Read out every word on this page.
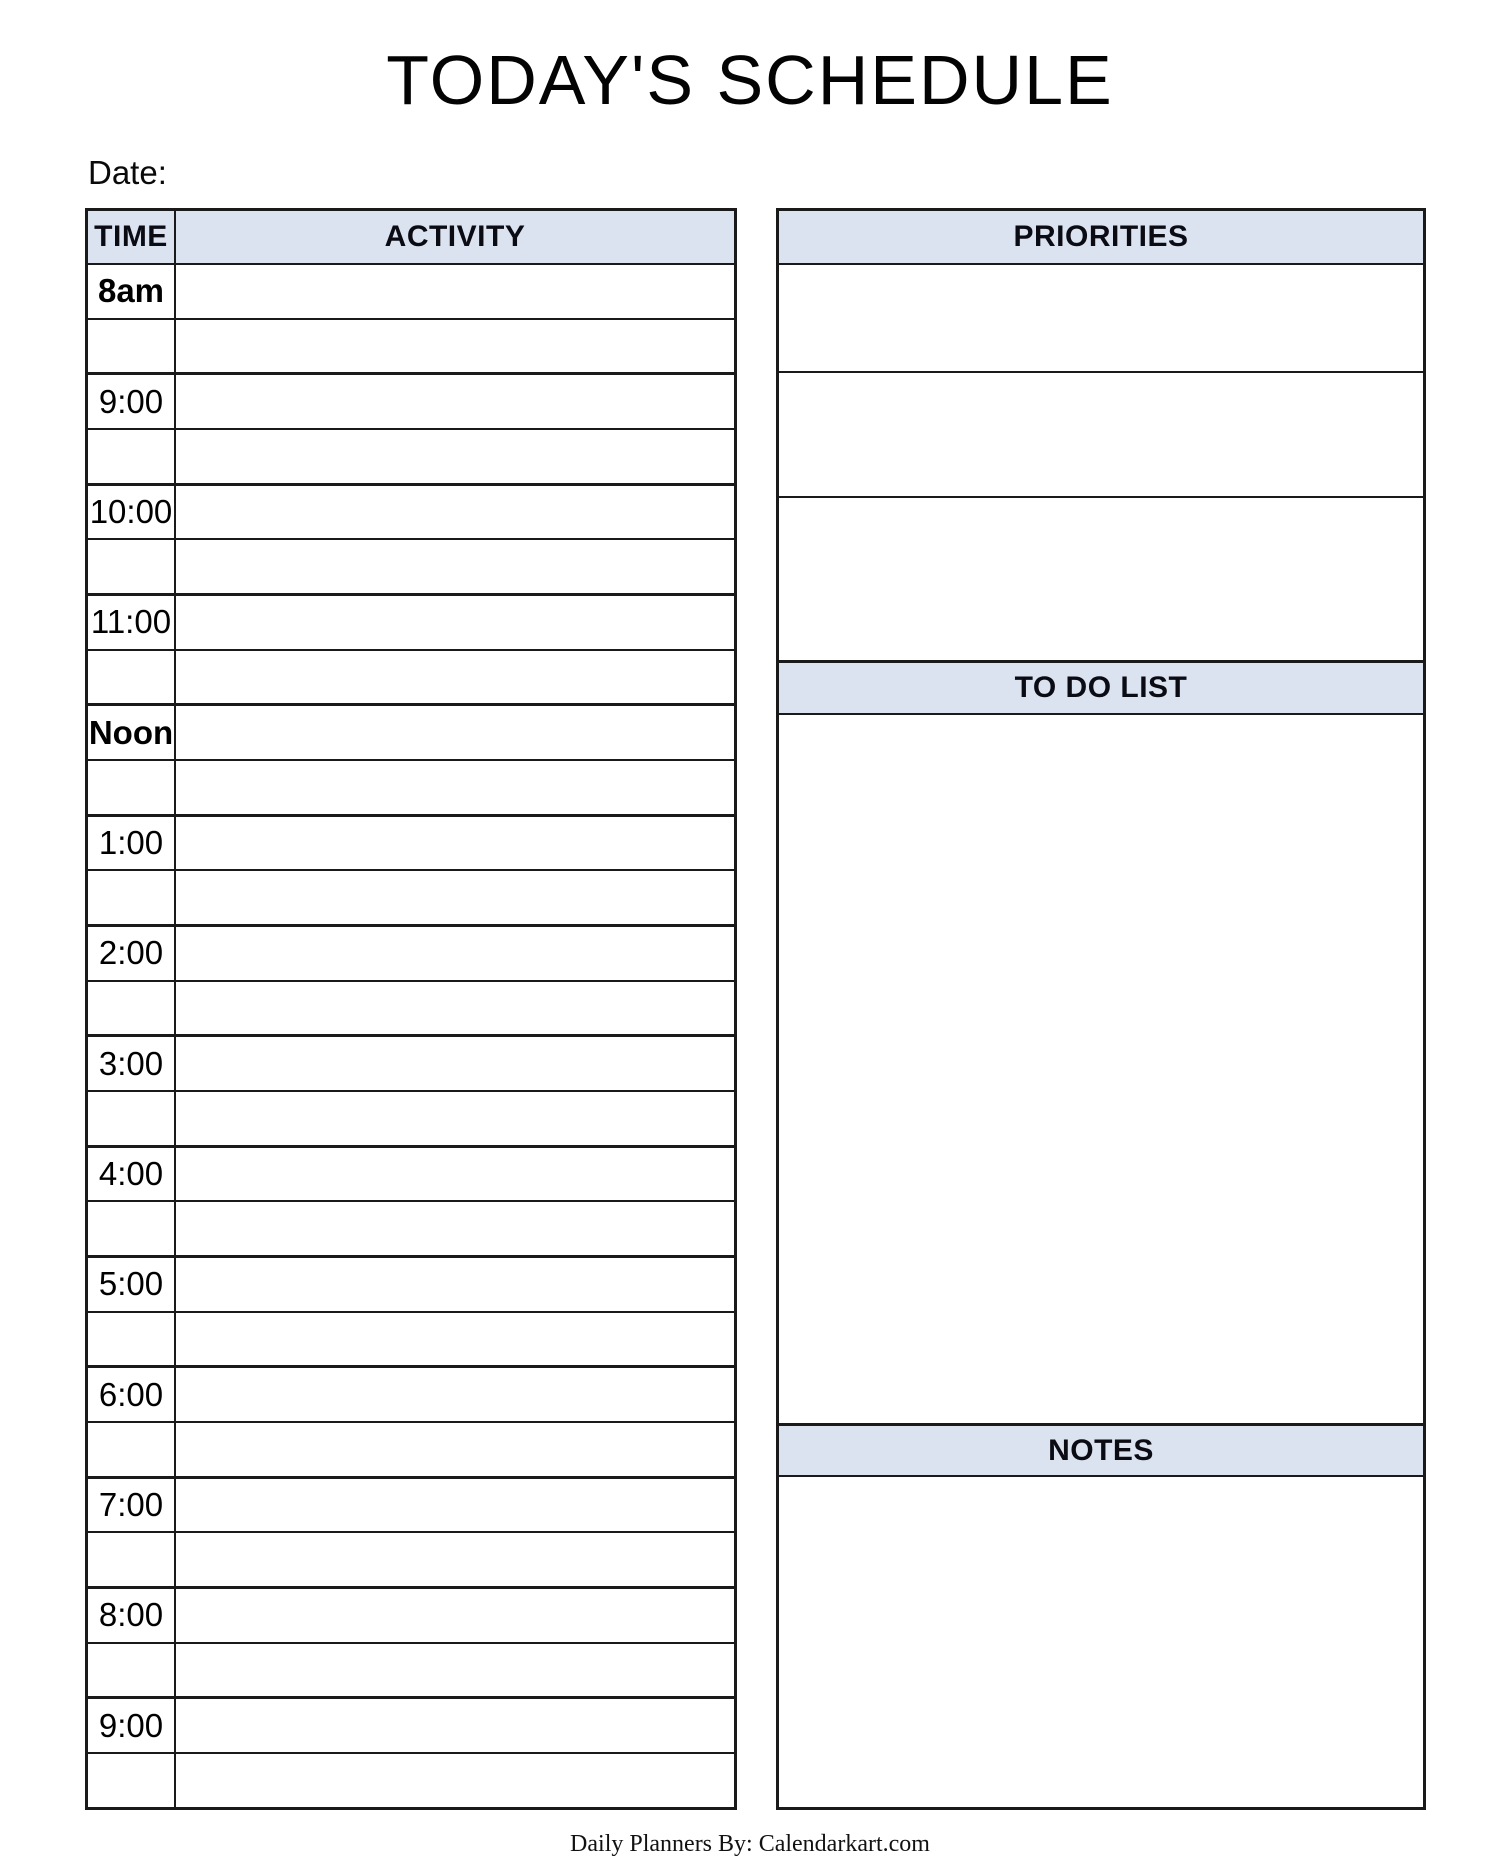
TODAY'S SCHEDULE
Date:
TIME	ACTIVITY
8am
9:00
10:00
11:00
Noon
1:00
2:00
3:00
4:00
5:00
6:00
7:00
8:00
9:00
PRIORITIES
TO DO LIST
NOTES
Daily Planners By: Calendarkart.com
